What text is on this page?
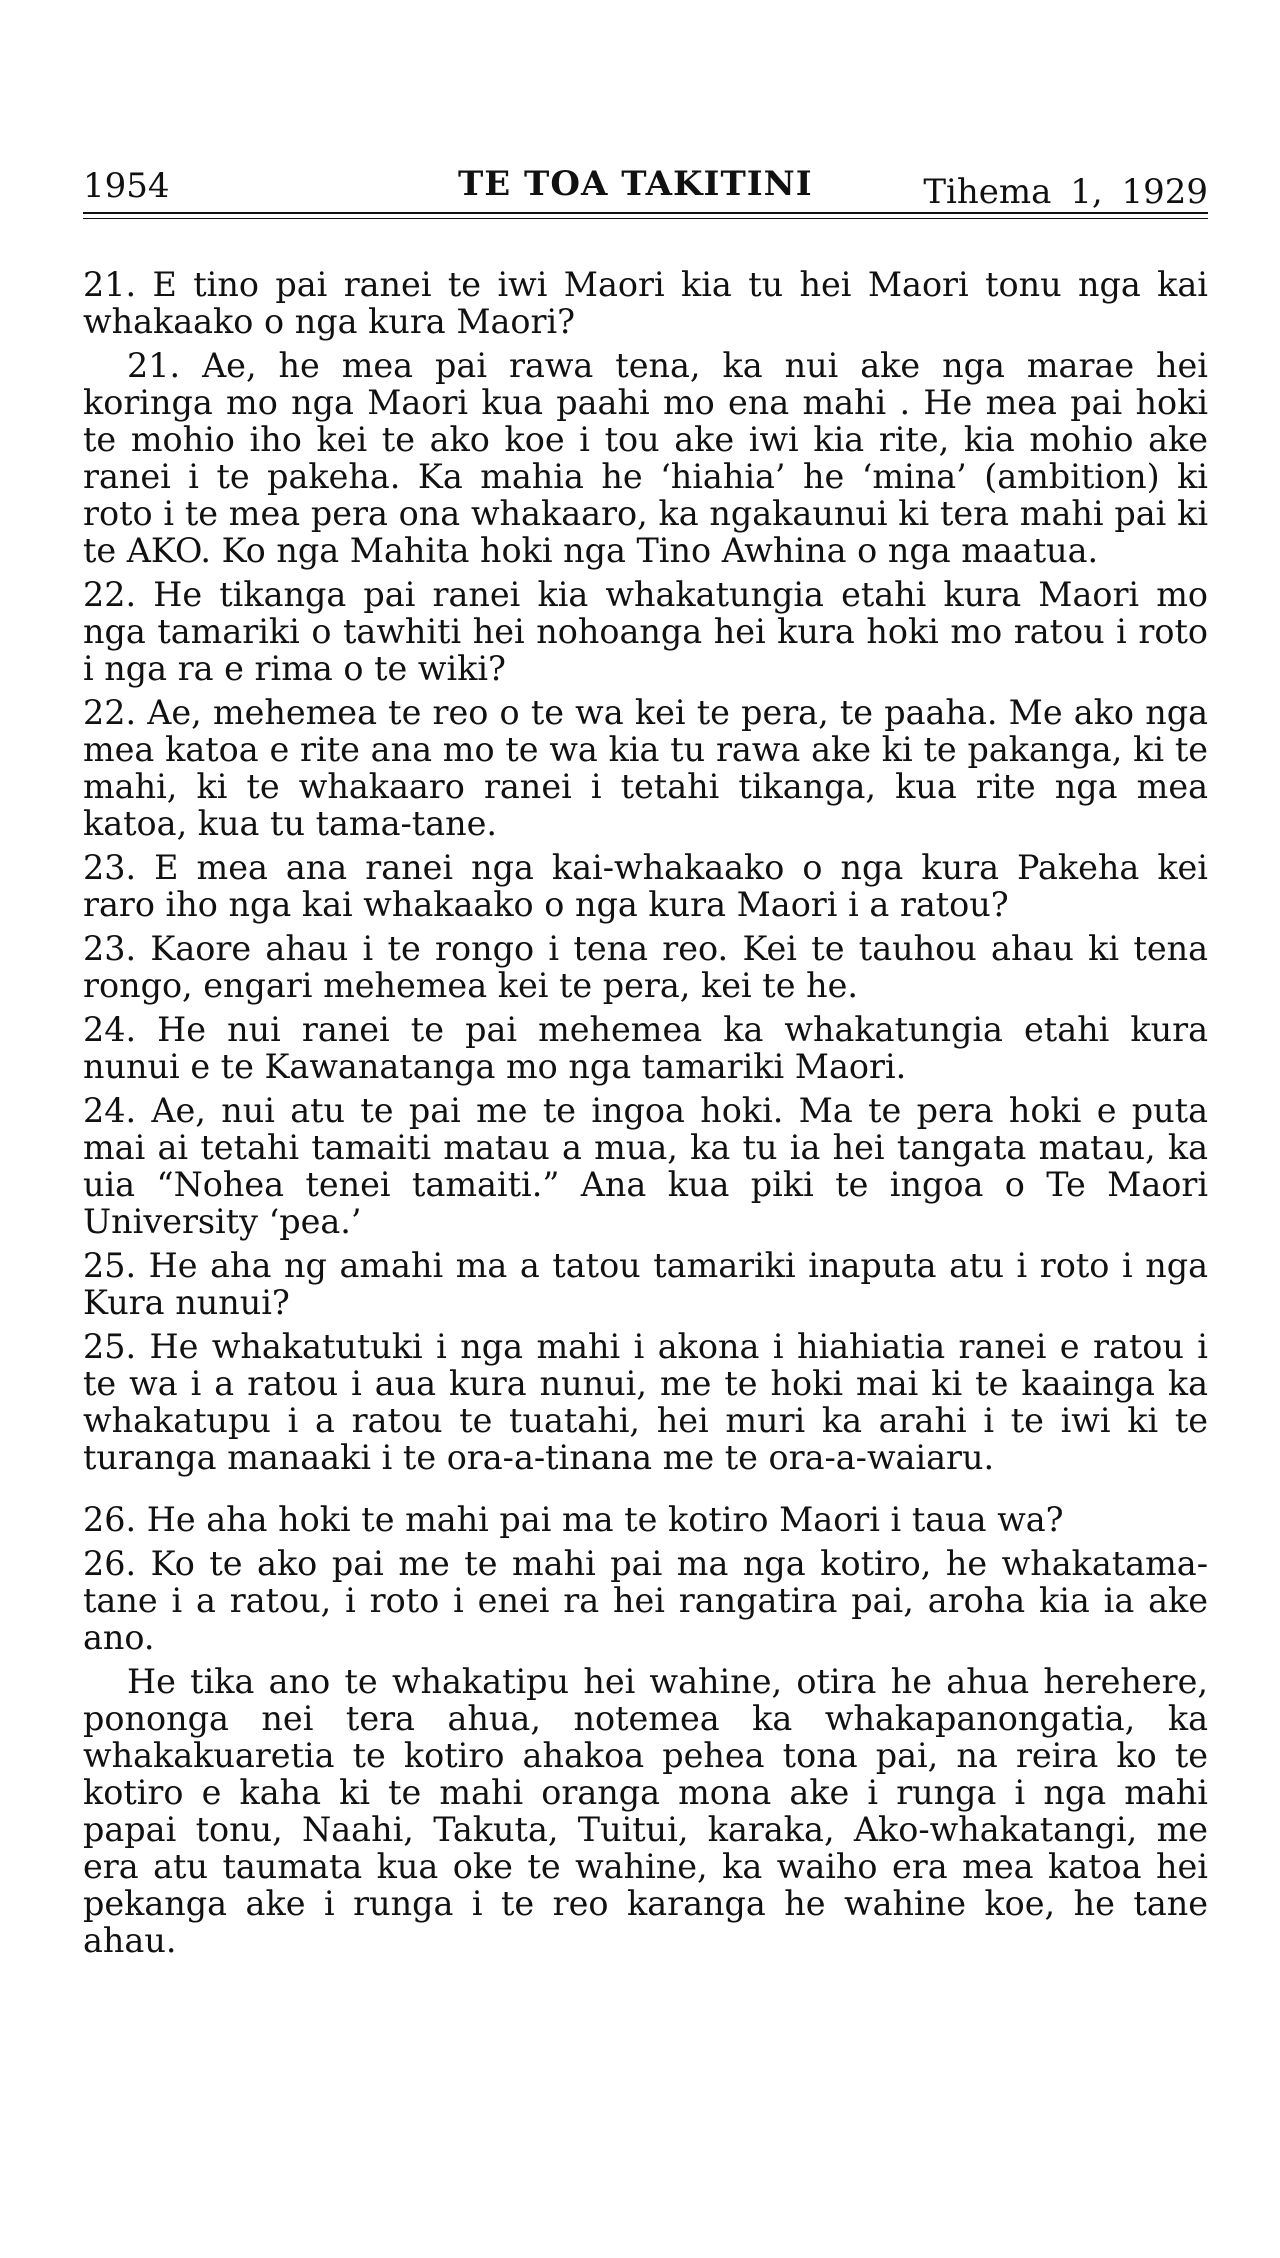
1954	TE TOA TAKITINI	Tihema 1, 1929

21. E tino pai ranei te iwi Maori kia tu hei Maori tonu nga kai whakaako o nga kura Maori?

21. Ae, he mea pai rawa tena, ka nui ake nga marae hei koringa mo nga Maori kua paahi mo ena mahi . He mea pai hoki te mohio iho kei te ako koe i tou ake iwi kia rite, kia mohio ake ranei i te pakeha. Ka mahia he ‘hiahia’ he ‘mina’ (ambition) ki roto i te mea pera ona whakaaro, ka ngakaunui ki tera mahi pai ki te AKO. Ko nga Mahita hoki nga Tino Awhina o nga maatua.

22. He tikanga pai ranei kia whakatungia etahi kura Maori mo nga tamariki o tawhiti hei nohoanga hei kura hoki mo ratou i roto i nga ra e rima o te wiki?

22. Ae, mehemea te reo o te wa kei te pera, te paaha. Me ako nga mea katoa e rite ana mo te wa kia tu rawa ake ki te pakanga, ki te mahi, ki te whakaaro ranei i tetahi tikanga, kua rite nga mea katoa, kua tu tama-tane.

23. E mea ana ranei nga kai-whakaako o nga kura Pakeha kei raro iho nga kai whakaako o nga kura Maori i a ratou?

23. Kaore ahau i te rongo i tena reo. Kei te tauhou ahau ki tena rongo, engari mehemea kei te pera, kei te he.

24. He nui ranei te pai mehemea ka whakatungia etahi kura nunui e te Kawanatanga mo nga tamariki Maori.

24. Ae, nui atu te pai me te ingoa hoki. Ma te pera hoki e puta mai ai tetahi tamaiti matau a mua, ka tu ia hei tangata matau, ka uia “Nohea tenei tamaiti.” Ana kua piki te ingoa o Te Maori University ‘pea.’

25. He aha ng amahi ma a tatou tamariki inaputa atu i roto i nga Kura nunui?

25. He whakatutuki i nga mahi i akona i hiahiatia ranei e ratou i te wa i a ratou i aua kura nunui, me te hoki mai ki te kaainga ka whakatupu i a ratou te tuatahi, hei muri ka arahi i te iwi ki te turanga manaaki i te ora-a-tinana me te ora-a-waiaru.

26. He aha hoki te mahi pai ma te kotiro Maori i taua wa?

26. Ko te ako pai me te mahi pai ma nga kotiro, he whakatama-tane i a ratou, i roto i enei ra hei rangatira pai, aroha kia ia ake ano.

He tika ano te whakatipu hei wahine, otira he ahua herehere, pononga nei tera ahua, notemea ka whakapanongatia, ka whakakuaretia te kotiro ahakoa pehea tona pai, na reira ko te kotiro e kaha ki te mahi oranga mona ake i runga i nga mahi papai tonu, Naahi, Takuta, Tuitui, karaka, Ako-whakatangi, me era atu taumata kua oke te wahine, ka waiho era mea katoa hei pekanga ake i runga i te reo karanga he wahine koe, he tane ahau.
